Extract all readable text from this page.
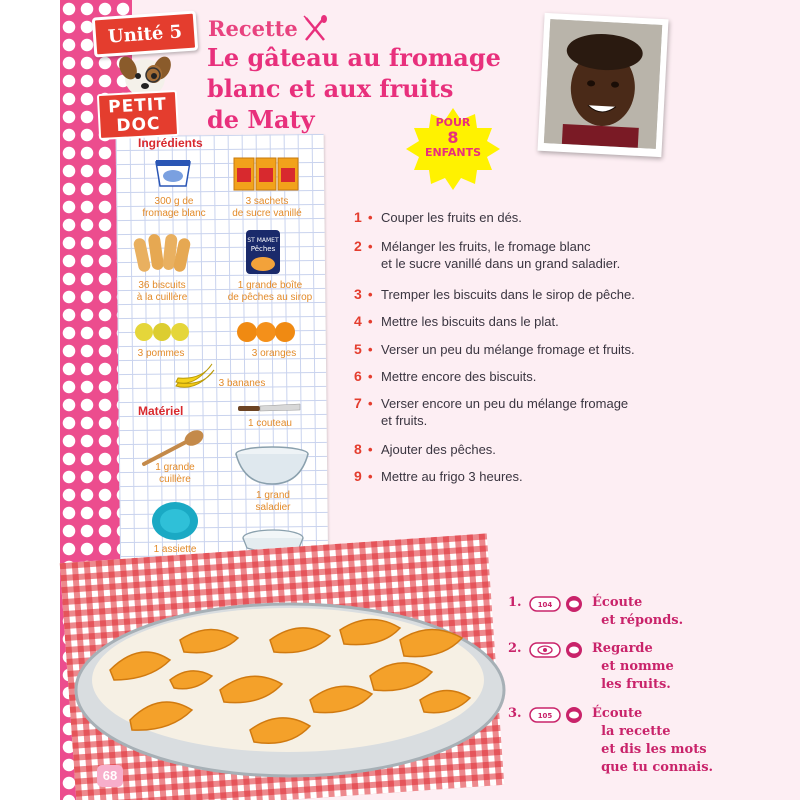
Unité 5
PETIT
DOC
Recette
Le gâteau au fromage
blanc et aux fruits
de Maty	POUR
8
ENFANTS
Ingrédients
300 g de
fromage blanc
3 sachets
de sucre vanillé
36 biscuits
à la cuillère
ST MAMET
Pêches
1 grande boîte
de pêches au sirop
3 pommes	3 oranges
3 bananes
Matériel
1 couteau
1 grande
cuillère
1 grand
saladier
1 assiette
1 • Couper les fruits en dés.
2 • Mélanger les fruits, le fromage blanc
et le sucre vanillé dans un grand saladier.
3 • Tremper les biscuits dans le sirop de pêche.
4 • Mettre les biscuits dans le plat.
5 • Verser un peu du mélange fromage et fruits.
6 • Mettre encore des biscuits.
7 • Verser encore un peu du mélange fromage
et fruits.
8 • Ajouter des pêches.
9 • Mettre au frigo 3 heures.
1. 104	Écoute
et réponds.
2.	Regarde
et nomme
les fruits.
3. 105	Écoute
la recette
et dis les mots
que tu connais.
68
